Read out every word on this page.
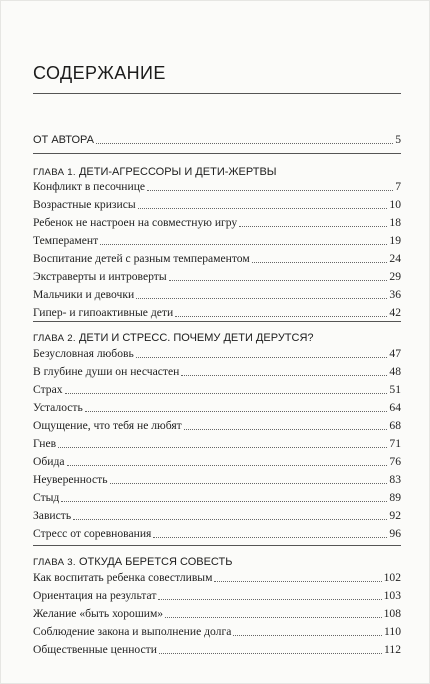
СОДЕРЖАНИЕ
ОТ АВТОРА	5
ГЛАВА 1. ДЕТИ-АГРЕССОРЫ И ДЕТИ-ЖЕРТВЫ
Конфликт в песочнице	7
Возрастные кризисы	10
Ребенок не настроен на совместную игру	18
Темперамент	19
Воспитание детей с разным темпераментом	24
Экстраверты и интроверты	29
Мальчики и девочки	36
Гипер- и гипоактивные дети	42
ГЛАВА 2. ДЕТИ И СТРЕСС. ПОЧЕМУ ДЕТИ ДЕРУТСЯ?
Безусловная любовь	47
В глубине души он несчастен	48
Страх	51
Усталость	64
Ощущение, что тебя не любят	68
Гнев	71
Обида	76
Неуверенность	83
Стыд	89
Зависть	92
Стресс от соревнования	96
ГЛАВА 3. ОТКУДА БЕРЕТСЯ СОВЕСТЬ
Как воспитать ребенка совестливым	102
Ориентация на результат	103
Желание «быть хорошим»	108
Соблюдение закона и выполнение долга	110
Общественные ценности	112
